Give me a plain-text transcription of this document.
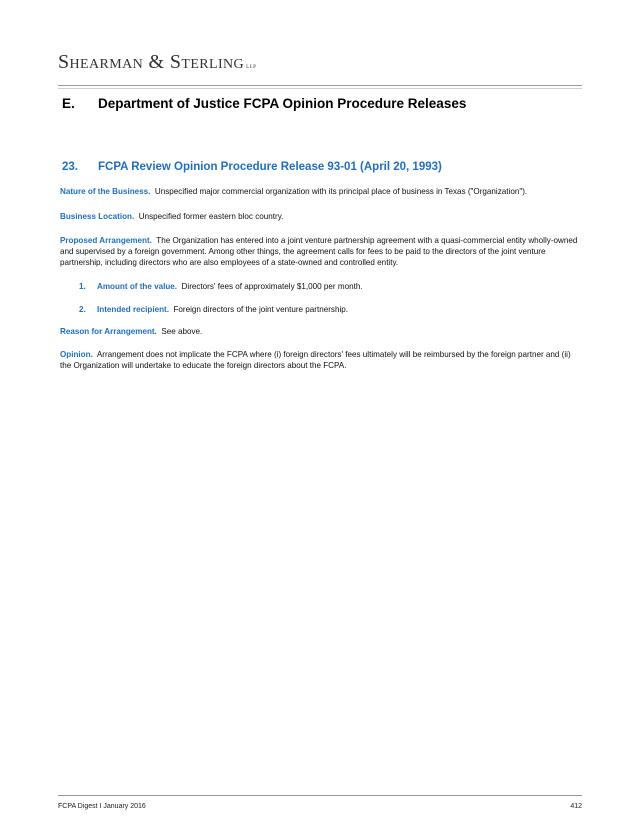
Shearman & Sterling llp
E. Department of Justice FCPA Opinion Procedure Releases
23. FCPA Review Opinion Procedure Release 93-01 (April 20, 1993)

Nature of the Business. Unspecified major commercial organization with its principal place of business in Texas ("Organization").

Business Location. Unspecified former eastern bloc country.

Proposed Arrangement. The Organization has entered into a joint venture partnership agreement with a quasi-commercial entity wholly-owned and supervised by a foreign government. Among other things, the agreement calls for fees to be paid to the directors of the joint venture partnership, including directors who are also employees of a state-owned and controlled entity.

1. Amount of the value. Directors' fees of approximately $1,000 per month.
2. Intended recipient. Foreign directors of the joint venture partnership.

Reason for Arrangement. See above.

Opinion. Arrangement does not implicate the FCPA where (i) foreign directors' fees ultimately will be reimbursed by the foreign partner and (ii) the Organization will undertake to educate the foreign directors about the FCPA.

FCPA Digest I January 2016	412
